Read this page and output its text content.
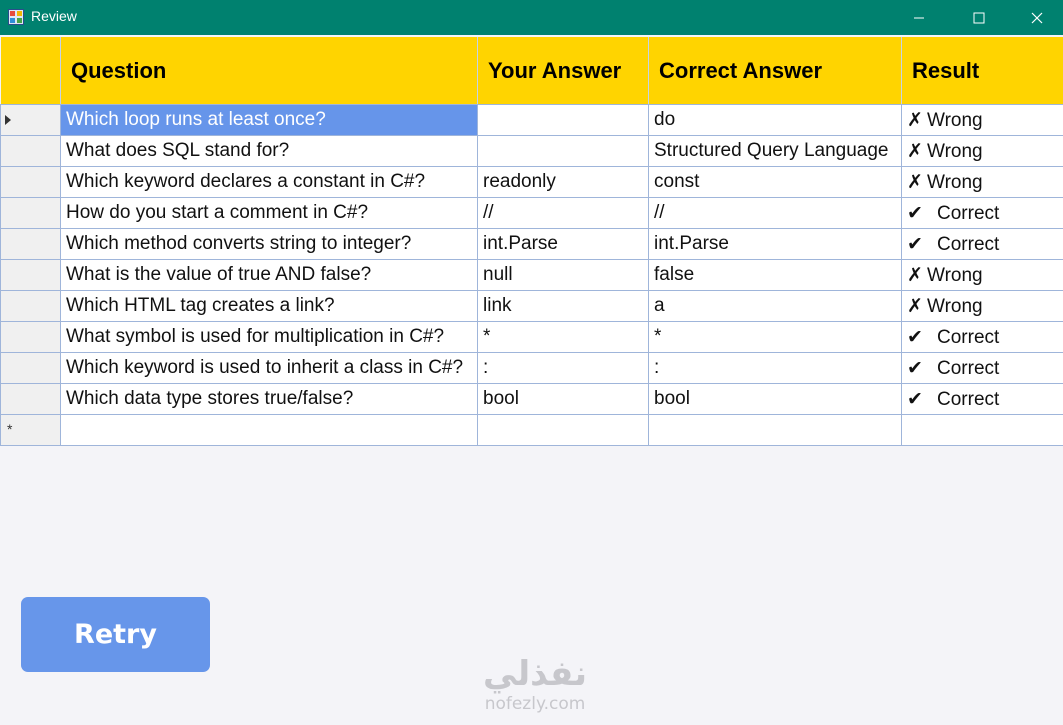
Review
	Question	Your Answer	Correct Answer	Result

	Which loop runs at least once?		do	✗ Wrong
	What does SQL stand for?		Structured Query Language	✗ Wrong
	Which keyword declares a constant in C#?	readonly	const	✗ Wrong
	How do you start a comment in C#?	//	//	✔ Correct
	Which method converts string to integer?	int.Parse	int.Parse	✔ Correct
	What is the value of true AND false?	null	false	✗ Wrong
	Which HTML tag creates a link?	link	a	✗ Wrong
	What symbol is used for multiplication in C#?	*	*	✔ Correct
	Which keyword is used to inherit a class in C#?	:	:	✔ Correct
	Which data type stores true/false?	bool	bool	✔ Correct

*				

Retry
نفذلي
nofezly.com
